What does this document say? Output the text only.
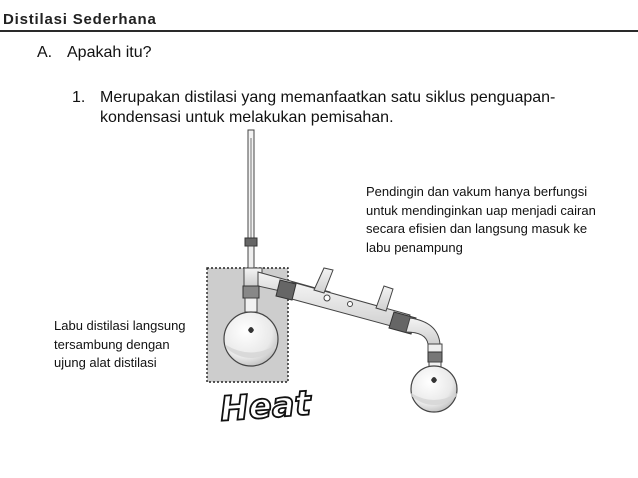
Distilasi Sederhana
A. Apakah itu?
1. Merupakan distilasi yang memanfaatkan satu siklus penguapan-kondensasi untuk melakukan pemisahan.
Heat
Pendingin dan vakum hanya berfungsi untuk mendinginkan uap menjadi cairan secara efisien dan langsung masuk ke labu penampung
Labu distilasi langsung tersambung dengan ujung alat distilasi
